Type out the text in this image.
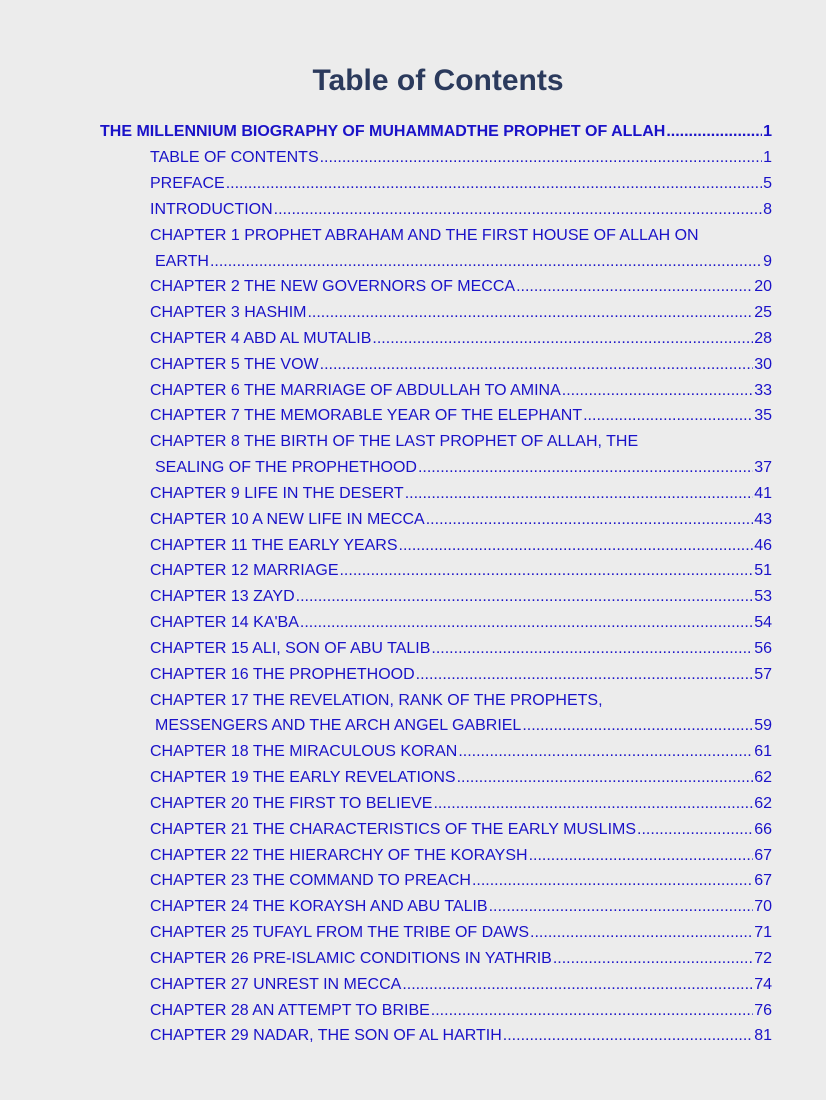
Table of Contents
THE MILLENNIUM BIOGRAPHY OF MUHAMMADTHE PROPHET OF ALLAH .....	1
TABLE OF CONTENTS .....	1
PREFACE .....	5
INTRODUCTION .....	8
CHAPTER 1 PROPHET ABRAHAM AND THE FIRST HOUSE OF ALLAH ON
EARTH .....	9
CHAPTER 2 THE NEW GOVERNORS OF MECCA .....	20
CHAPTER 3 HASHIM .....	25
CHAPTER 4 ABD AL MUTALIB .....	28
CHAPTER 5 THE VOW .....	30
CHAPTER 6 THE MARRIAGE OF ABDULLAH TO AMINA .....	33
CHAPTER 7 THE MEMORABLE YEAR OF THE ELEPHANT .....	35
CHAPTER 8 THE BIRTH OF THE LAST PROPHET OF ALLAH, THE
SEALING OF THE PROPHETHOOD .....	37
CHAPTER 9 LIFE IN THE DESERT .....	41
CHAPTER 10 A NEW LIFE IN MECCA .....	43
CHAPTER 11 THE EARLY YEARS .....	46
CHAPTER 12 MARRIAGE .....	51
CHAPTER 13 ZAYD .....	53
CHAPTER 14 KA'BA .....	54
CHAPTER 15 ALI, SON OF ABU TALIB .....	56
CHAPTER 16 THE PROPHETHOOD .....	57
CHAPTER 17 THE REVELATION, RANK OF THE PROPHETS,
MESSENGERS AND THE ARCH ANGEL GABRIEL .....	59
CHAPTER 18 THE MIRACULOUS KORAN .....	61
CHAPTER 19 THE EARLY REVELATIONS .....	62
CHAPTER 20 THE FIRST TO BELIEVE .....	62
CHAPTER 21 THE CHARACTERISTICS OF THE EARLY MUSLIMS .....	66
CHAPTER 22 THE HIERARCHY OF THE KORAYSH .....	67
CHAPTER 23 THE COMMAND TO PREACH .....	67
CHAPTER 24 THE KORAYSH AND ABU TALIB .....	70
CHAPTER 25 TUFAYL FROM THE TRIBE OF DAWS .....	71
CHAPTER 26 PRE-ISLAMIC CONDITIONS IN YATHRIB .....	72
CHAPTER 27 UNREST IN MECCA .....	74
CHAPTER 28 AN ATTEMPT TO BRIBE .....	76
CHAPTER 29 NADAR, THE SON OF AL HARTIH .....	81
